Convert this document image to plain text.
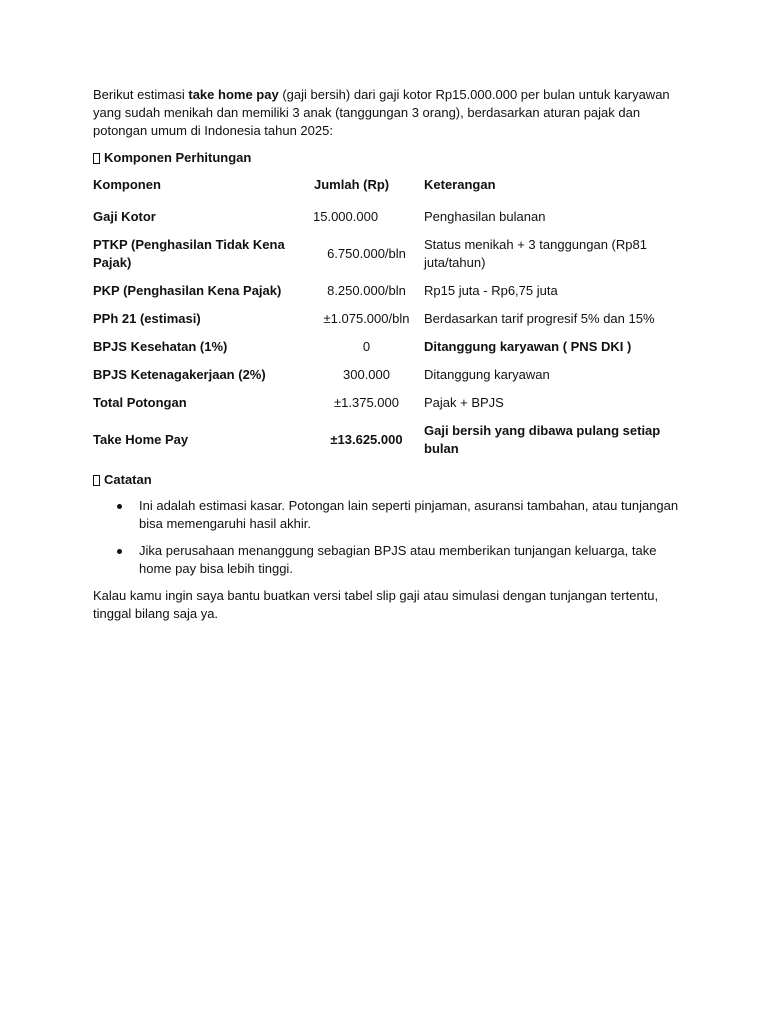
Berikut estimasi take home pay (gaji bersih) dari gaji kotor Rp15.000.000 per bulan untuk karyawan yang sudah menikah dan memiliki 3 anak (tanggungan 3 orang), berdasarkan aturan pajak dan potongan umum di Indonesia tahun 2025:

Komponen Perhitungan
Komponen	Jumlah (Rp)	Keterangan
Gaji Kotor	15.000.000	Penghasilan bulanan
PTKP (Penghasilan Tidak Kena Pajak)	6.750.000/bln	Status menikah + 3 tanggungan (Rp81 juta/tahun)
PKP (Penghasilan Kena Pajak)	8.250.000/bln	Rp15 juta - Rp6,75 juta
PPh 21 (estimasi)	±1.075.000/bln	Berdasarkan tarif progresif 5% dan 15%
BPJS Kesehatan (1%)	0	Ditanggung karyawan ( PNS DKI )
BPJS Ketenagakerjaan (2%)	300.000	Ditanggung karyawan
Total Potongan	±1.375.000	Pajak + BPJS
Take Home Pay	±13.625.000	Gaji bersih yang dibawa pulang setiap bulan
Catatan
Ini adalah estimasi kasar. Potongan lain seperti pinjaman, asuransi tambahan, atau tunjangan bisa memengaruhi hasil akhir.
Jika perusahaan menanggung sebagian BPJS atau memberikan tunjangan keluarga, take home pay bisa lebih tinggi.

Kalau kamu ingin saya bantu buatkan versi tabel slip gaji atau simulasi dengan tunjangan tertentu, tinggal bilang saja ya.
